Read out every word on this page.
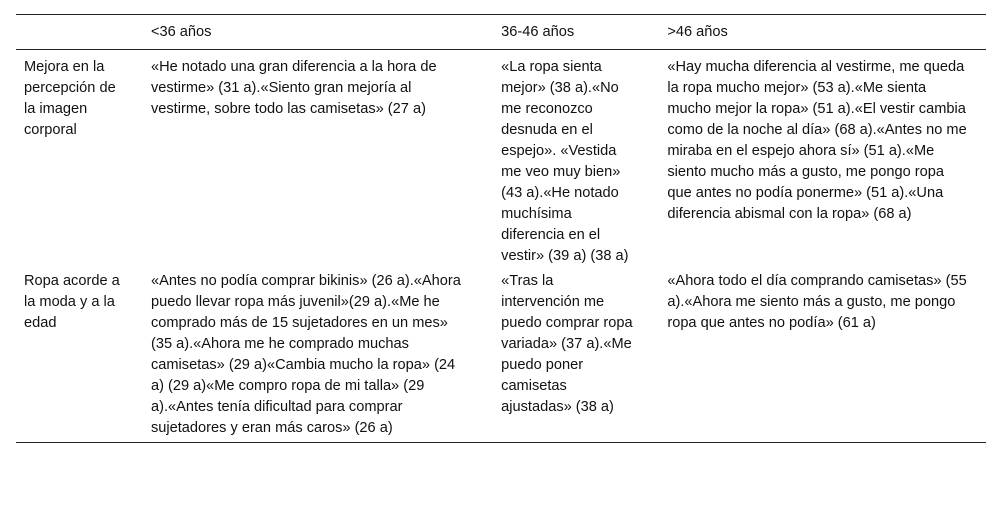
	<36 años	36-46 años	>46 años
Mejora en la percepción de la imagen corporal	«He notado una gran diferencia a la hora de vestirme» (31 a).«Siento gran mejoría al vestirme, sobre todo las camisetas» (27 a)	«La ropa sienta mejor» (38 a).«No me reconozco desnuda en el espejo». «Vestida me veo muy bien» (43 a).«He notado muchísima diferencia en el vestir» (39 a) (38 a)	«Hay mucha diferencia al vestirme, me queda la ropa mucho mejor» (53 a).«Me sienta mucho mejor la ropa» (51 a).«El vestir cambia como de la noche al día» (68 a).«Antes no me miraba en el espejo ahora sí» (51 a).«Me siento mucho más a gusto, me pongo ropa que antes no podía ponerme» (51 a).«Una diferencia abismal con la ropa» (68 a)
Ropa acorde a la moda y a la edad	«Antes no podía comprar bikinis» (26 a).«Ahora puedo llevar ropa más juvenil»(29 a).«Me he comprado más de 15 sujetadores en un mes» (35 a).«Ahora me he comprado muchas camisetas» (29 a)«Cambia mucho la ropa» (24 a) (29 a)«Me compro ropa de mi talla» (29 a).«Antes tenía dificultad para comprar sujetadores y eran más caros» (26 a)	«Tras la intervención me puedo comprar ropa variada» (37 a).«Me puedo poner camisetas ajustadas» (38 a)	«Ahora todo el día comprando camisetas» (55 a).«Ahora me siento más a gusto, me pongo ropa que antes no podía» (61 a)
